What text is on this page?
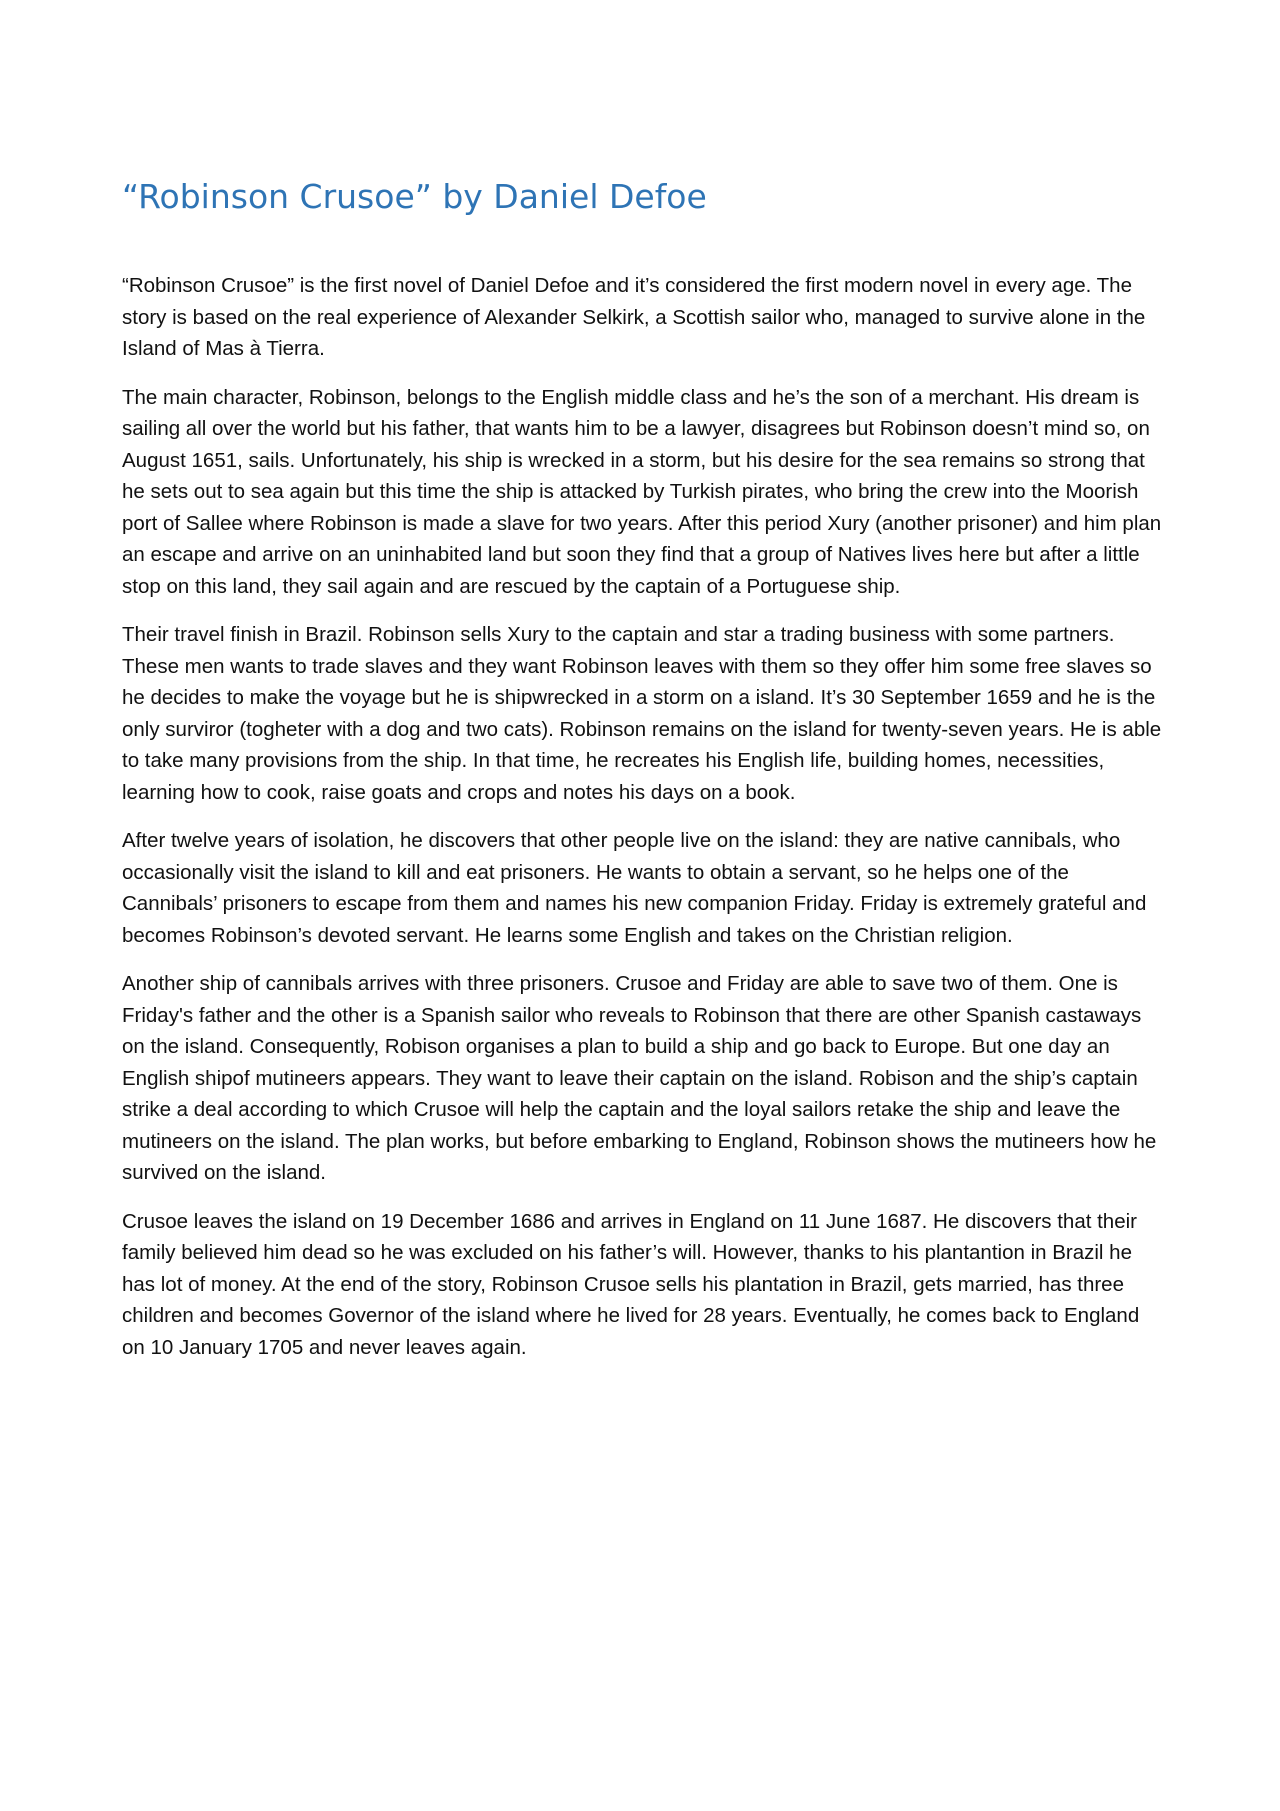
“Robinson Crusoe” by Daniel Defoe

“Robinson Crusoe” is the first novel of Daniel Defoe and it’s considered the first modern novel in every age. The story is based on the real experience of Alexander Selkirk, a Scottish sailor who, managed to survive alone in the Island of Mas à Tierra.

The main character, Robinson, belongs to the English middle class and he’s the son of a merchant. His dream is sailing all over the world but his father, that wants him to be a lawyer, disagrees but Robinson doesn’t mind so, on August 1651, sails. Unfortunately, his ship is wrecked in a storm, but his desire for the sea remains so strong that he sets out to sea again but this time the ship is attacked by Turkish pirates, who bring the crew into the Moorish port of Sallee where Robinson is made a slave for two years. After this period Xury (another prisoner) and him plan an escape and arrive on an uninhabited land but soon they find that a group of Natives lives here but after a little stop on this land, they sail again and are rescued by the captain of a Portuguese ship.

Their travel finish in Brazil. Robinson sells Xury to the captain and star a trading business with some partners. These men wants to trade slaves and they want Robinson leaves with them so they offer him some free slaves so he decides to make the voyage but he is shipwrecked in a storm on a island. It’s 30 September 1659 and he is the only surviror (togheter with a dog and two cats). Robinson remains on the island for twenty-seven years. He is able to take many provisions from the ship. In that time, he recreates his English life, building homes, necessities, learning how to cook, raise goats and crops and notes his days on a book.

After twelve years of isolation, he discovers that other people live on the island: they are native cannibals, who occasionally visit the island to kill and eat prisoners. He wants to obtain a servant, so he helps one of the Cannibals’ prisoners to escape from them and names his new companion Friday. Friday is extremely grateful and becomes Robinson’s devoted servant. He learns some English and takes on the Christian religion.

Another ship of cannibals arrives with three prisoners. Crusoe and Friday are able to save two of them. One is Friday's father and the other is a Spanish sailor who reveals to Robinson that there are other Spanish castaways on the island. Consequently, Robison organises a plan to build a ship and go back to Europe. But one day an English shipof mutineers appears. They want to leave their captain on the island. Robison and the ship’s captain strike a deal according to which Crusoe will help the captain and the loyal sailors retake the ship and leave the mutineers on the island. The plan works, but before embarking to England, Robinson shows the mutineers how he survived on the island.

Crusoe leaves the island on 19 December 1686 and arrives in England on 11 June 1687. He discovers that their family believed him dead so he was excluded on his father’s will. However, thanks to his plantantion in Brazil he has lot of money. At the end of the story, Robinson Crusoe sells his plantation in Brazil, gets married, has three children and becomes Governor of the island where he lived for 28 years. Eventually, he comes back to England on 10 January 1705 and never leaves again.
